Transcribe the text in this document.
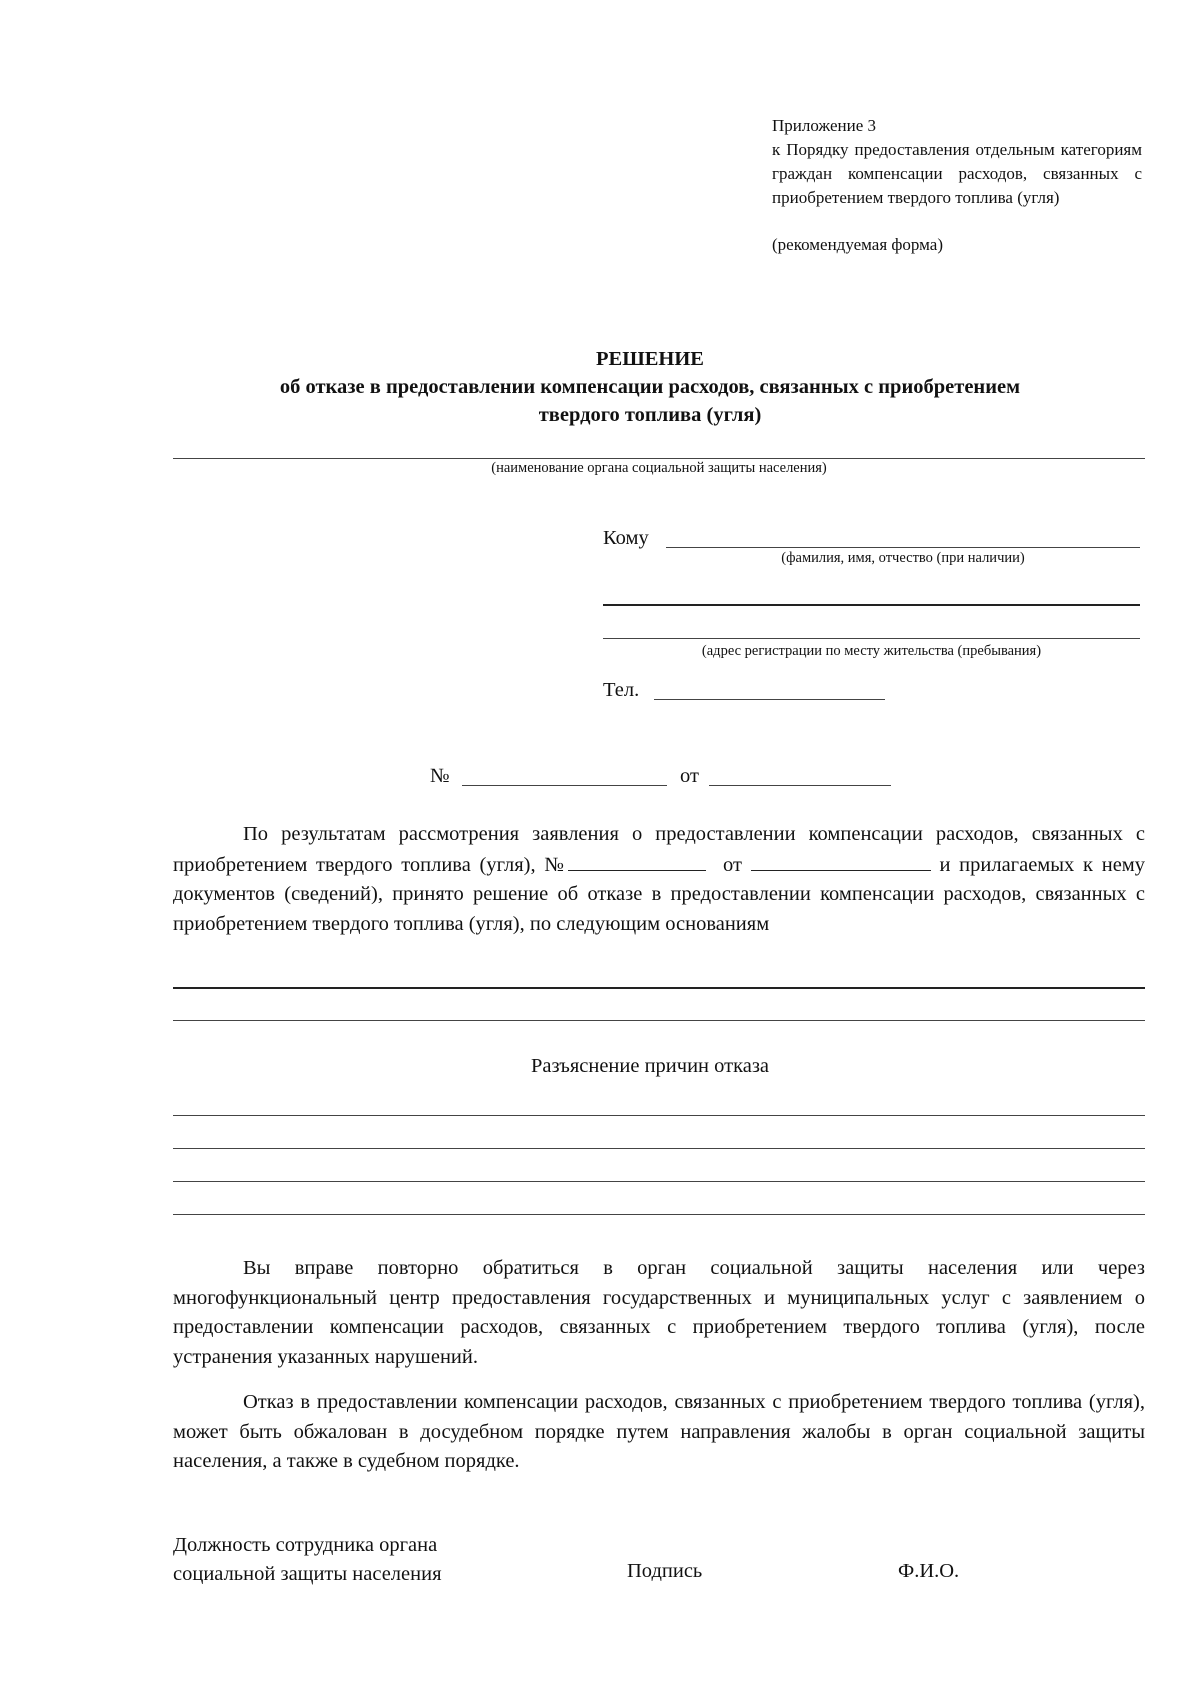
Приложение 3
к Порядку предоставления отдельным категориям граждан компенсации расходов, связанных с приобретением твердого топлива (угля)
(рекомендуемая форма)
РЕШЕНИЕ
об отказе в предоставлении компенсации расходов, связанных с приобретением
твердого топлива (угля)
(наименование органа социальной защиты населения)
Кому
(фамилия, имя, отчество (при наличии)
(адрес регистрации по месту жительства (пребывания)
Тел.
№	от
По результатам рассмотрения заявления о предоставлении компенсации расходов, связанных с приобретением твердого топлива (угля), №	от	и прилагаемых к нему документов (сведений), принято решение об отказе в предоставлении компенсации расходов, связанных с приобретением твердого топлива (угля), по следующим основаниям
Разъяснение причин отказа
Вы вправе повторно обратиться в орган социальной защиты населения или через многофункциональный центр предоставления государственных и муниципальных услуг с заявлением о предоставлении компенсации расходов, связанных с приобретением твердого топлива (угля), после устранения указанных нарушений.
Отказ в предоставлении компенсации расходов, связанных с приобретением твердого топлива (угля), может быть обжалован в досудебном порядке путем направления жалобы в орган социальной защиты населения, а также в судебном порядке.
Должность сотрудника органа социальной защиты населения	Подпись	Ф.И.О.
